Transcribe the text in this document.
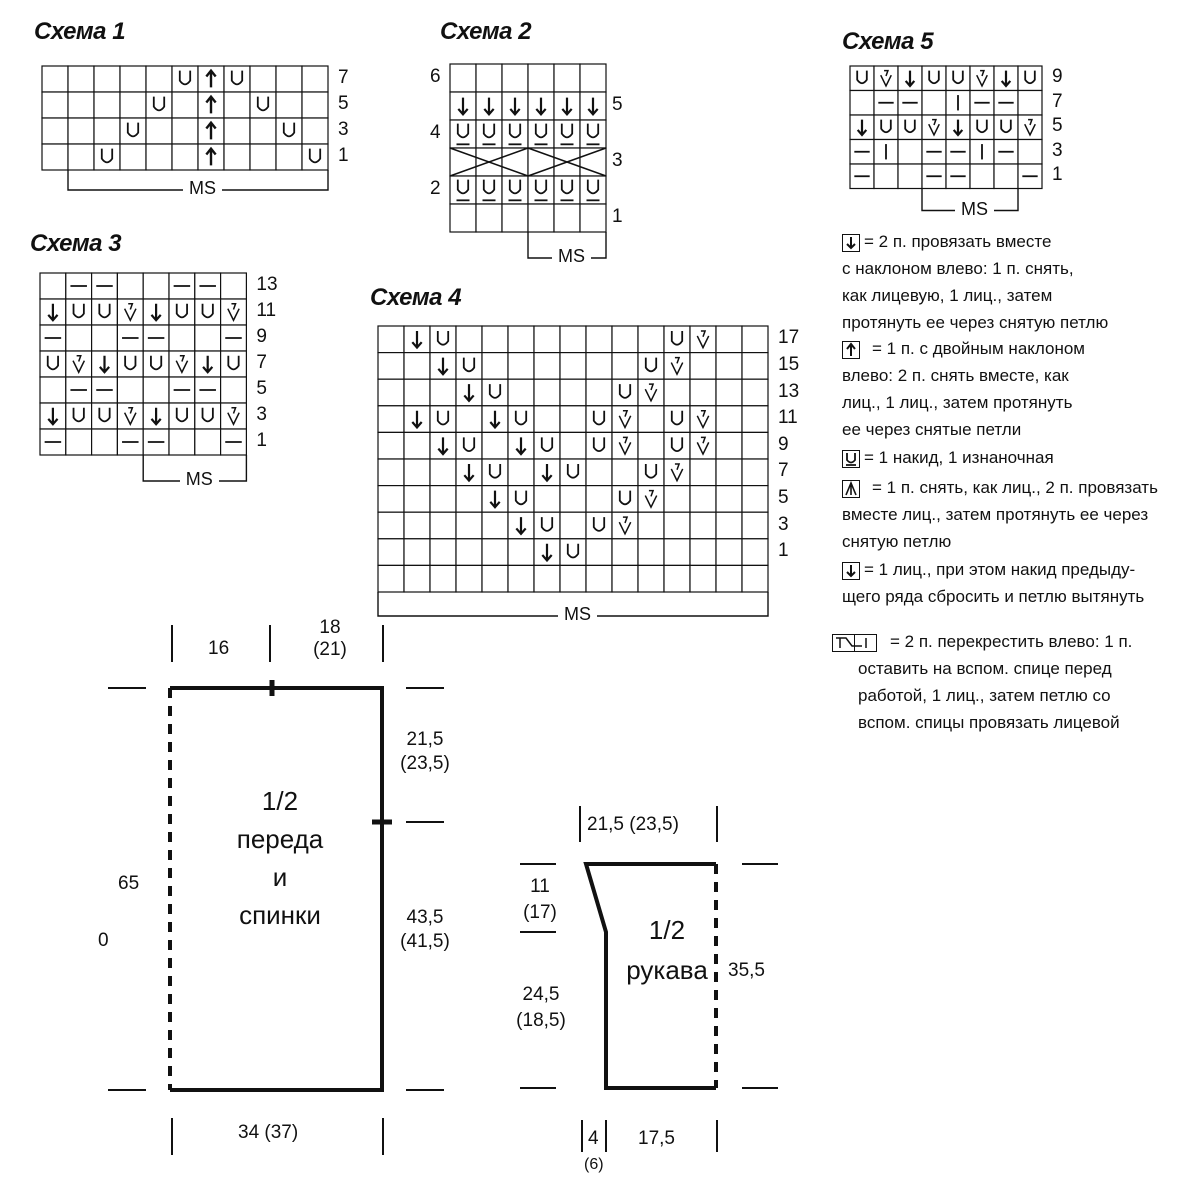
Схема 1	Схема 2
Схема 3
Схема 4
Схема 5
MS
7
5
3
1
MS
6
5
4
3
2
1
MS
13
11
9
7
5
3
1
MS
17
15
13
11
9
7
5
3
1
MS
9
7
5
3
1
= 2 п. провязать вместе
с наклоном влево: 1 п. снять,
как лицевую, 1 лиц., затем
протянуть ее через снятую петлю
= 1 п. с двойным наклоном
влево: 2 п. снять вместе, как
лиц., 1 лиц., затем протянуть
ее через снятые петли
= 1 накид, 1 изнаночная
= 1 п. снять, как лиц., 2 п. провязать
вместе лиц., затем протянуть ее через
снятую петлю
= 1 лиц., при этом накид предыду-
щего ряда сбросить и петлю вытянуть
= 2 п. перекрестить влево: 1 п.
оставить на вспом. спице перед
работой, 1 лиц., затем петлю со
вспом. спицы провязать лицевой
16
18
(21)
21,5
(23,5)
43,5
(41,5)
65
0
34 (37)
1/2
переда
и
спинки
21,5 (23,5)
11
(17)
24,5
(18,5)
35,5
4
(6)
17,5
1/2
рукава
